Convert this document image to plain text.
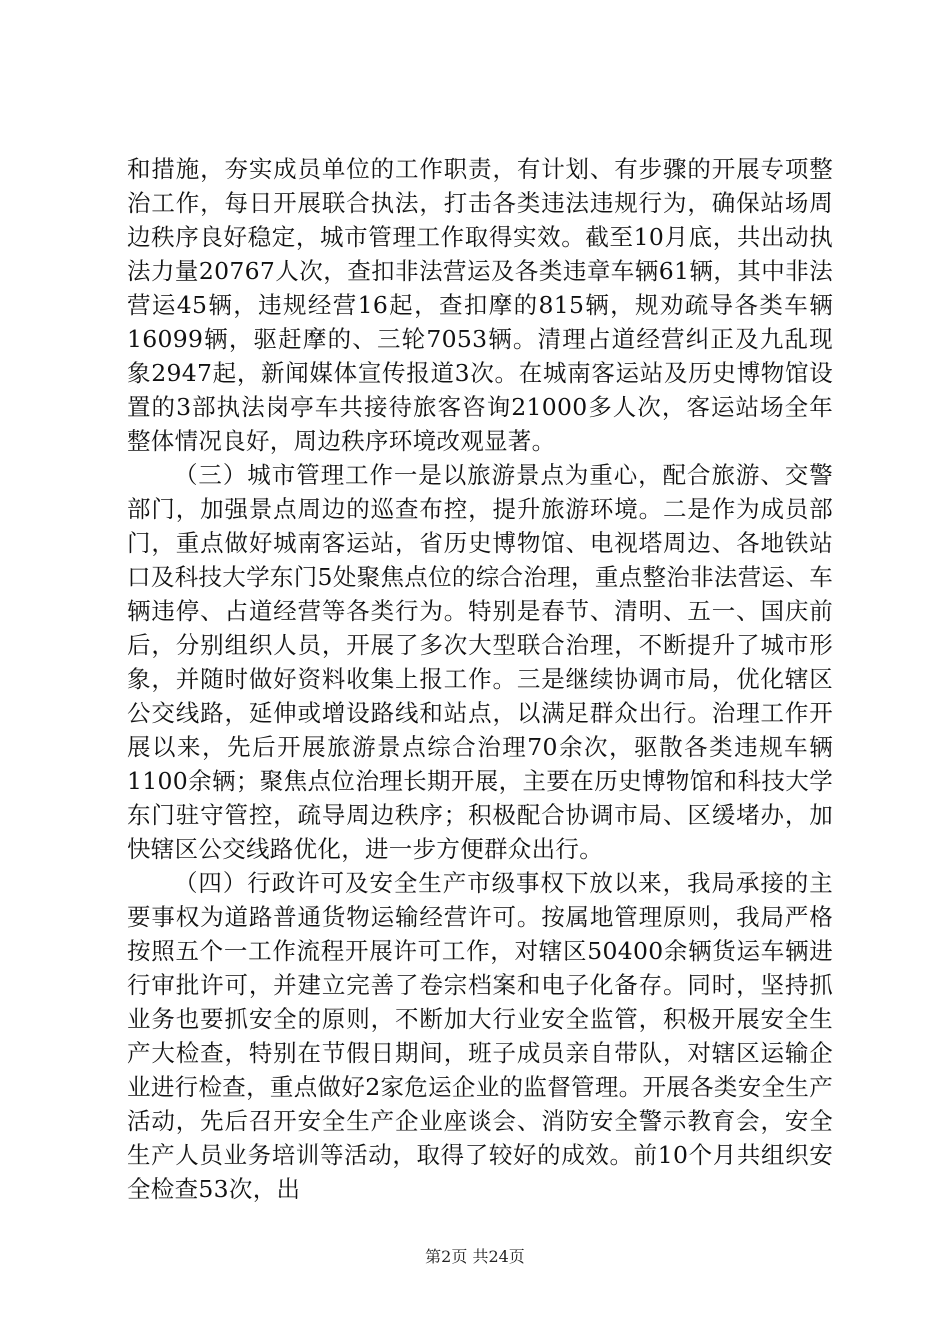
和措施，夯实成员单位的工作职责，有计划、有步骤的开展专项整治工作，每日开展联合执法，打击各类违法违规行为，确保站场周边秩序良好稳定，城市管理工作取得实效。截至10月底，共出动执法力量20767人次，查扣非法营运及各类违章车辆61辆，其中非法营运45辆，违规经营16起，查扣摩的815辆，规劝疏导各类车辆16099辆，驱赶摩的、三轮7053辆。清理占道经营纠正及九乱现象2947起，新闻媒体宣传报道3次。在城南客运站及历史博物馆设置的3部执法岗亭车共接待旅客咨询21000多人次，客运站场全年整体情况良好，周边秩序环境改观显著。

（三）城市管理工作一是以旅游景点为重心，配合旅游、交警部门，加强景点周边的巡查布控，提升旅游环境。二是作为成员部门，重点做好城南客运站，省历史博物馆、电视塔周边、各地铁站口及科技大学东门5处聚焦点位的综合治理，重点整治非法营运、车辆违停、占道经营等各类行为。特别是春节、清明、五一、国庆前后，分别组织人员，开展了多次大型联合治理，不断提升了城市形象，并随时做好资料收集上报工作。三是继续协调市局，优化辖区公交线路，延伸或增设路线和站点，以满足群众出行。治理工作开展以来，先后开展旅游景点综合治理70余次，驱散各类违规车辆1100余辆；聚焦点位治理长期开展，主要在历史博物馆和科技大学东门驻守管控，疏导周边秩序；积极配合协调市局、区缓堵办，加快辖区公交线路优化，进一步方便群众出行。

（四）行政许可及安全生产市级事权下放以来，我局承接的主要事权为道路普通货物运输经营许可。按属地管理原则，我局严格按照五个一工作流程开展许可工作，对辖区50400余辆货运车辆进行审批许可，并建立完善了卷宗档案和电子化备存。同时，坚持抓业务也要抓安全的原则，不断加大行业安全监管，积极开展安全生产大检查，特别在节假日期间，班子成员亲自带队，对辖区运输企业进行检查，重点做好2家危运企业的监督管理。开展各类安全生产活动，先后召开安全生产企业座谈会、消防安全警示教育会，安全生产人员业务培训等活动，取得了较好的成效。前10个月共组织安全检查53次，出

第2页 共24页
